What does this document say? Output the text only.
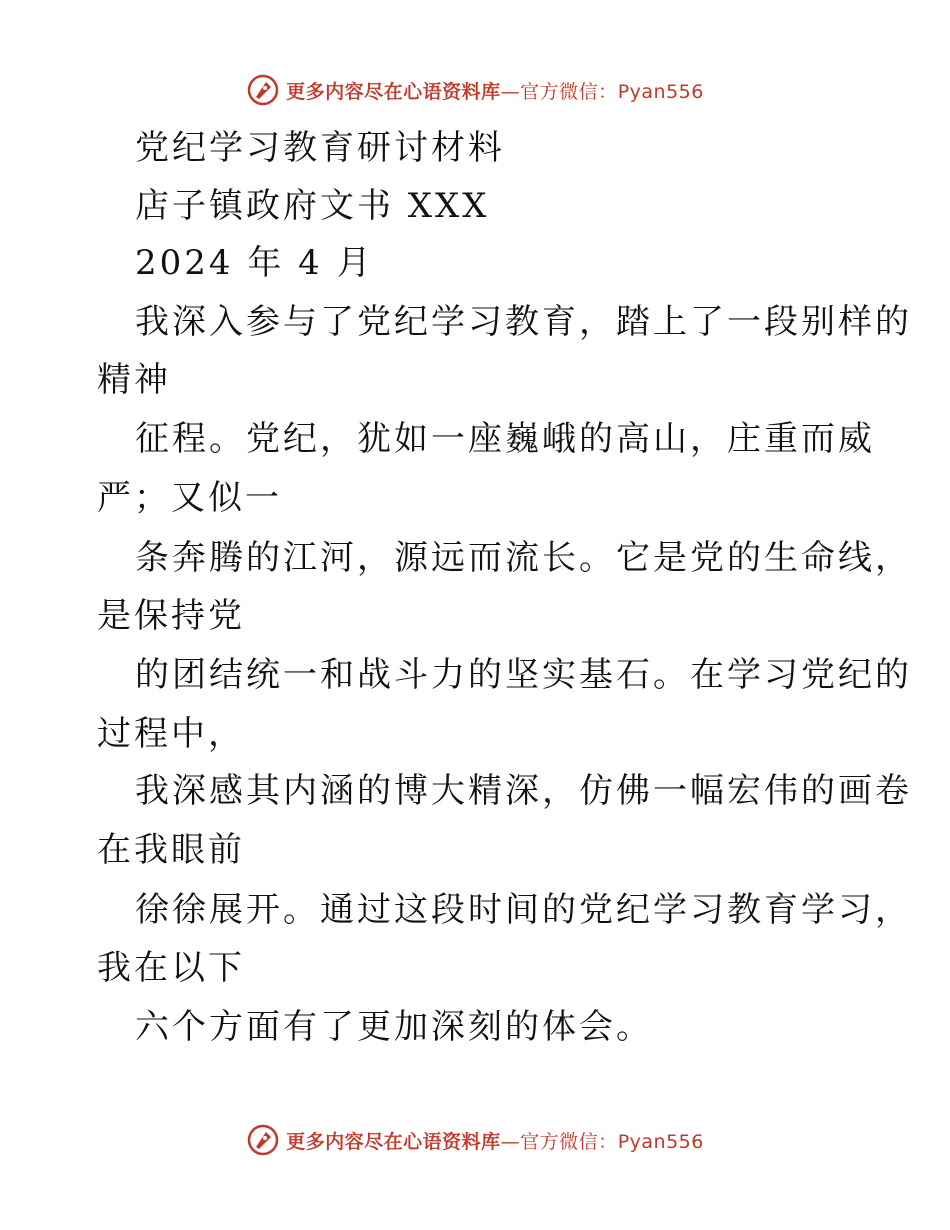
更多内容尽在心语资料库—官方微信：Pyan556
党纪学习教育研讨材料
店子镇政府文书 XXX
2024 年 4 月
我深入参与了党纪学习教育，踏上了一段别样的
精神
征程。党纪，犹如一座巍峨的高山，庄重而威
严；又似一
条奔腾的江河，源远而流长。它是党的生命线，
是保持党
的团结统一和战斗力的坚实基石。在学习党纪的
过程中，
我深感其内涵的博大精深，仿佛一幅宏伟的画卷
在我眼前
徐徐展开。通过这段时间的党纪学习教育学习，
我在以下
六个方面有了更加深刻的体会。
更多内容尽在心语资料库—官方微信：Pyan556
